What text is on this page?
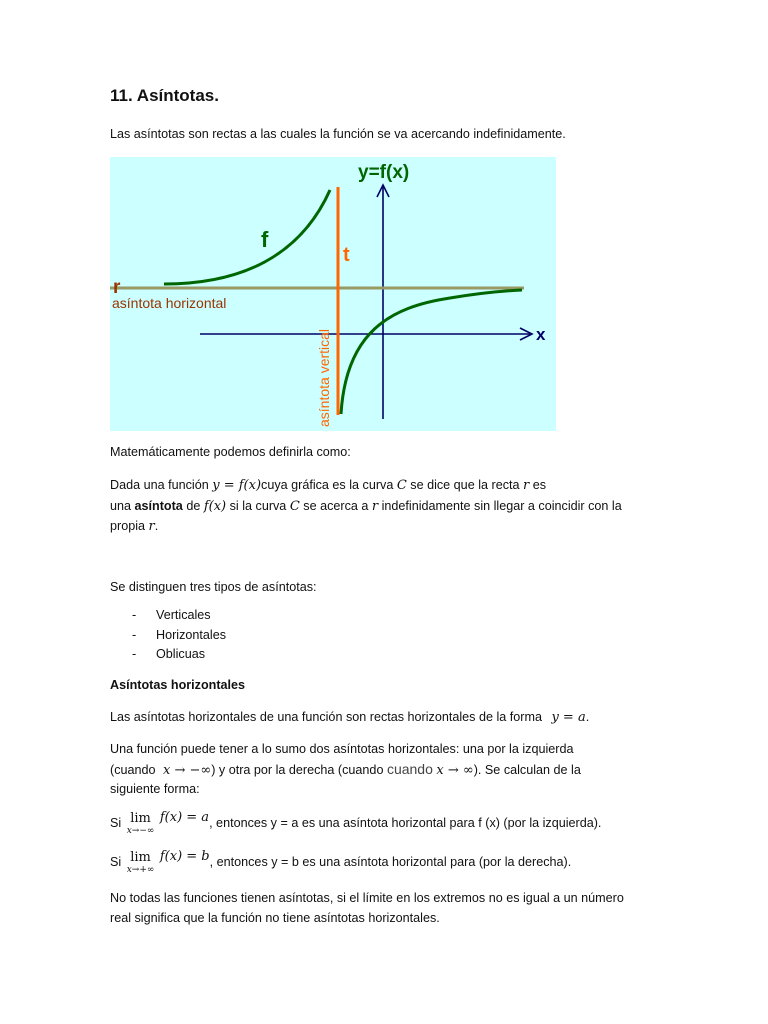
11. Asíntotas.

Las asíntotas son rectas a las cuales la función se va acercando indefinidamente.

y=f(x)
f
t
r
asíntota horizontal
asíntota vertical	x

Matemáticamente podemos definirla como:

Dada una función y = f(x)cuya gráfica es la curva C se dice que la recta r es

una asíntota de f(x) si la curva C se acerca a r indefinidamente sin llegar a coincidir con la

propia r.

Se distinguen tres tipos de asíntotas:

- Verticales
- Horizontales
- Oblicuas

Asíntotas horizontales

Las asíntotas horizontales de una función son rectas horizontales de la forma y = a.

Una función puede tener a lo sumo dos asíntotas horizontales: una por la izquierda

(cuando x → −∞) y otra por la derecha (cuando cuando x → ∞). Se calculan de la

siguiente forma:

Si lim
x→−∞
f(x) = a, entonces y = a es una asíntota horizontal para f (x) (por la izquierda).
Si lim
x→+∞
f(x) = b, entonces y = b es una asíntota horizontal para (por la derecha).

No todas las funciones tienen asíntotas, si el límite en los extremos no es igual a un número

real significa que la función no tiene asíntotas horizontales.
